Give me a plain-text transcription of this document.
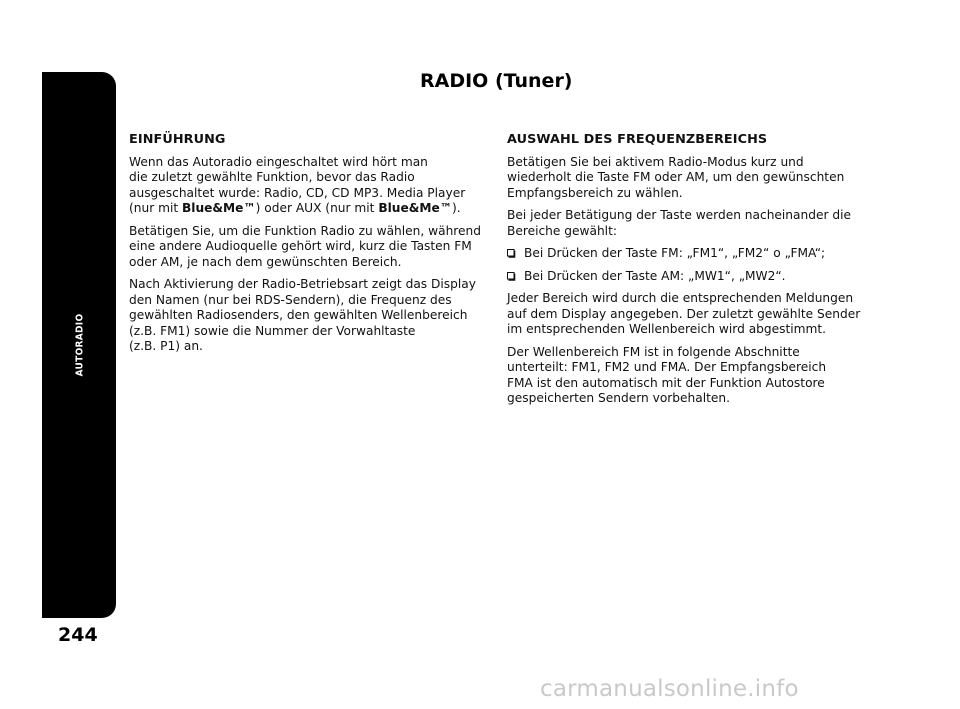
AUTORADIO
244
RADIO (Tuner)
EINFÜHRUNG
Wenn das Autoradio eingeschaltet wird hört man
die zuletzt gewählte Funktion, bevor das Radio
ausgeschaltet wurde: Radio, CD, CD MP3. Media Player
(nur mit Blue&Me™) oder AUX (nur mit Blue&Me™).
Betätigen Sie, um die Funktion Radio zu wählen, während
eine andere Audioquelle gehört wird, kurz die Tasten FM
oder AM, je nach dem gewünschten Bereich.
Nach Aktivierung der Radio-Betriebsart zeigt das Display
den Namen (nur bei RDS-Sendern), die Frequenz des
gewählten Radiosenders, den gewählten Wellenbereich
(z.B. FM1) sowie die Nummer der Vorwahltaste
(z.B. P1) an.
AUSWAHL DES FREQUENZBEREICHS
Betätigen Sie bei aktivem Radio-Modus kurz und
wiederholt die Taste FM oder AM, um den gewünschten
Empfangsbereich zu wählen.
Bei jeder Betätigung der Taste werden nacheinander die
Bereiche gewählt:
Bei Drücken der Taste FM: „FM1“, „FM2“ o „FMA“;
Bei Drücken der Taste AM: „MW1“, „MW2“.
Jeder Bereich wird durch die entsprechenden Meldungen
auf dem Display angegeben. Der zuletzt gewählte Sender
im entsprechenden Wellenbereich wird abgestimmt.
Der Wellenbereich FM ist in folgende Abschnitte
unterteilt: FM1, FM2 und FMA. Der Empfangsbereich
FMA ist den automatisch mit der Funktion Autostore
gespeicherten Sendern vorbehalten.
carmanualsonline.info
